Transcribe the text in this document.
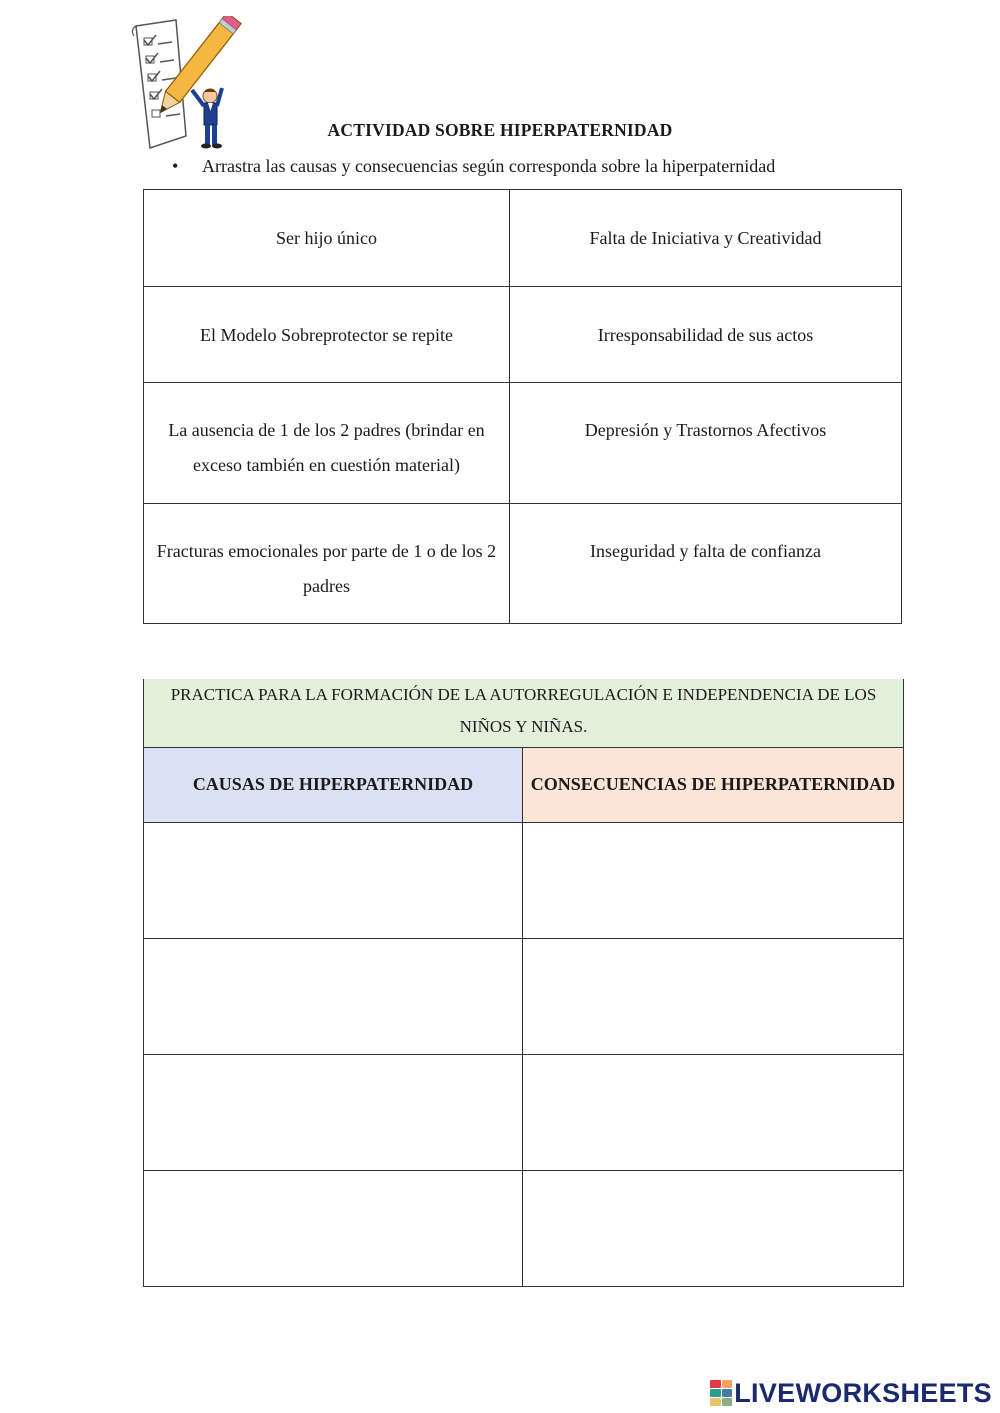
ACTIVIDAD SOBRE HIPERPATERNIDAD
• Arrastra las causas y consecuencias según corresponda sobre la hiperpaternidad
Ser hijo único	Falta de Iniciativa y Creatividad
El Modelo Sobreprotector se repite	Irresponsabilidad de sus actos
La ausencia de 1 de los 2 padres (brindar en exceso también en cuestión material)	Depresión y Trastornos Afectivos
Fracturas emocionales por parte de 1 o de los 2 padres	Inseguridad y falta de confianza
PRACTICA PARA LA FORMACIÓN DE LA AUTORREGULACIÓN E INDEPENDENCIA DE LOS NIÑOS Y NIÑAS.	
CAUSAS DE HIPERPATERNIDAD	CONSECUENCIAS DE HIPERPATERNIDAD

LIVEWORKSHEETS
